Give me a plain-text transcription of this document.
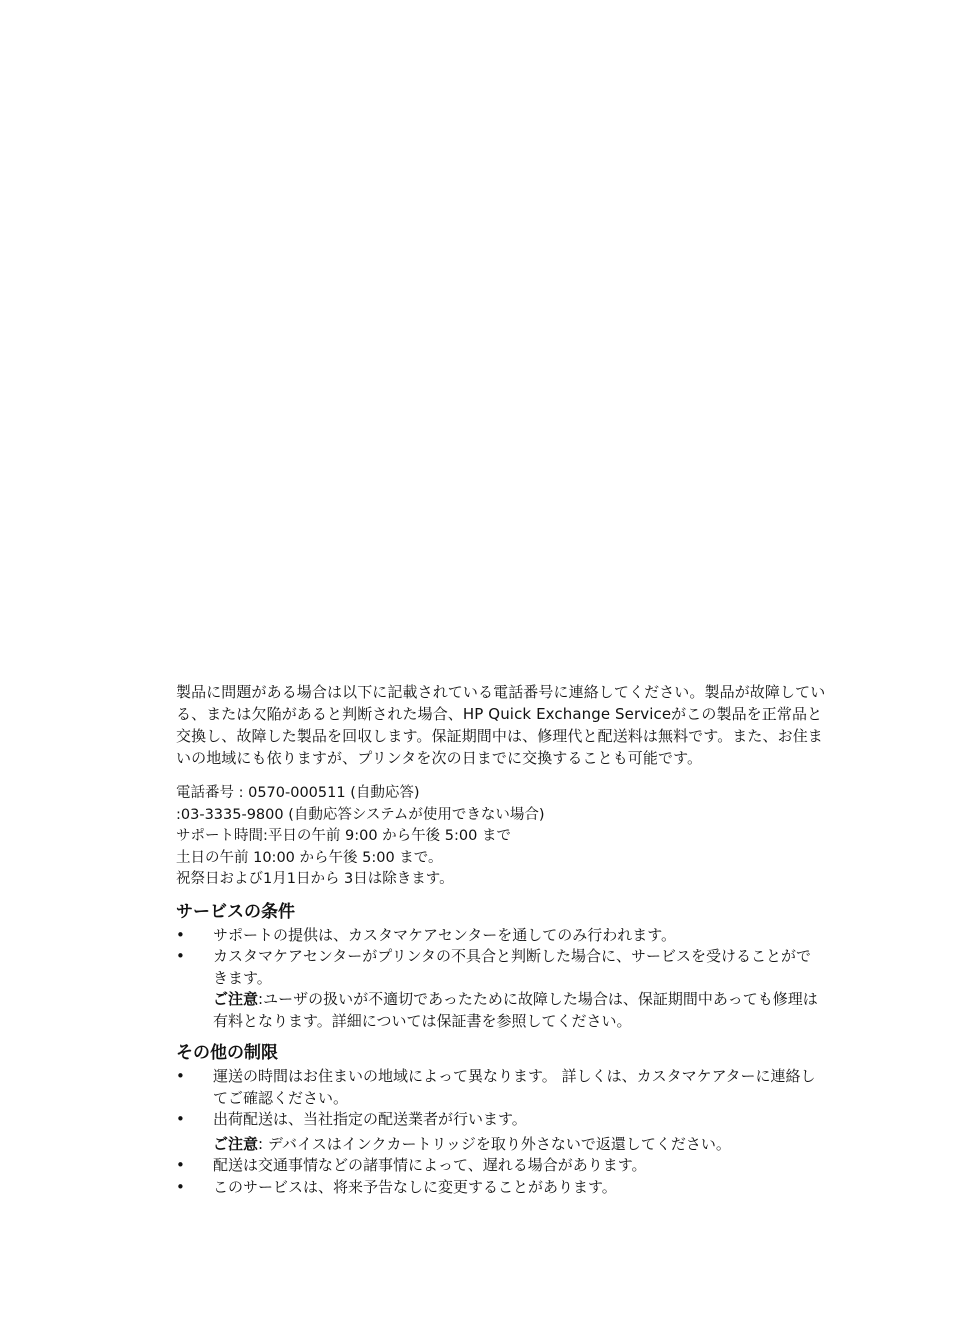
製品に問題がある場合は以下に記載されている電話番号に連絡してください。製品が故障している、または欠陥があると判断された場合、HP Quick Exchange Serviceがこの製品を正常品と交換し、故障した製品を回収します。保証期間中は、修理代と配送料は無料です。また、お住まいの地域にも依りますが、プリンタを次の日までに交換することも可能です。

電話番号 : 0570-000511 (自動応答)
:03-3335-9800 (自動応答システムが使用できない場合)
サポート時間:平日の午前 9:00 から午後 5:00 まで
土日の午前 10:00 から午後 5:00 まで。
祝祭日および1月1日から 3日は除きます。
サービスの条件
• サポートの提供は、カスタマケアセンターを通してのみ行われます。
• カスタマケアセンターがプリンタの不具合と判断した場合に、サービスを受けることができます。
ご注意:ユーザの扱いが不適切であったために故障した場合は、保証期間中あっても修理は有料となります。詳細については保証書を参照してください。
その他の制限
• 運送の時間はお住まいの地域によって異なります。 詳しくは、カスタマケアターに連絡してご確認ください。
• 出荷配送は、当社指定の配送業者が行います。
ご注意: デバイスはインクカートリッジを取り外さないで返還してください。
• 配送は交通事情などの諸事情によって、遅れる場合があります。
• このサービスは、将来予告なしに変更することがあります。
